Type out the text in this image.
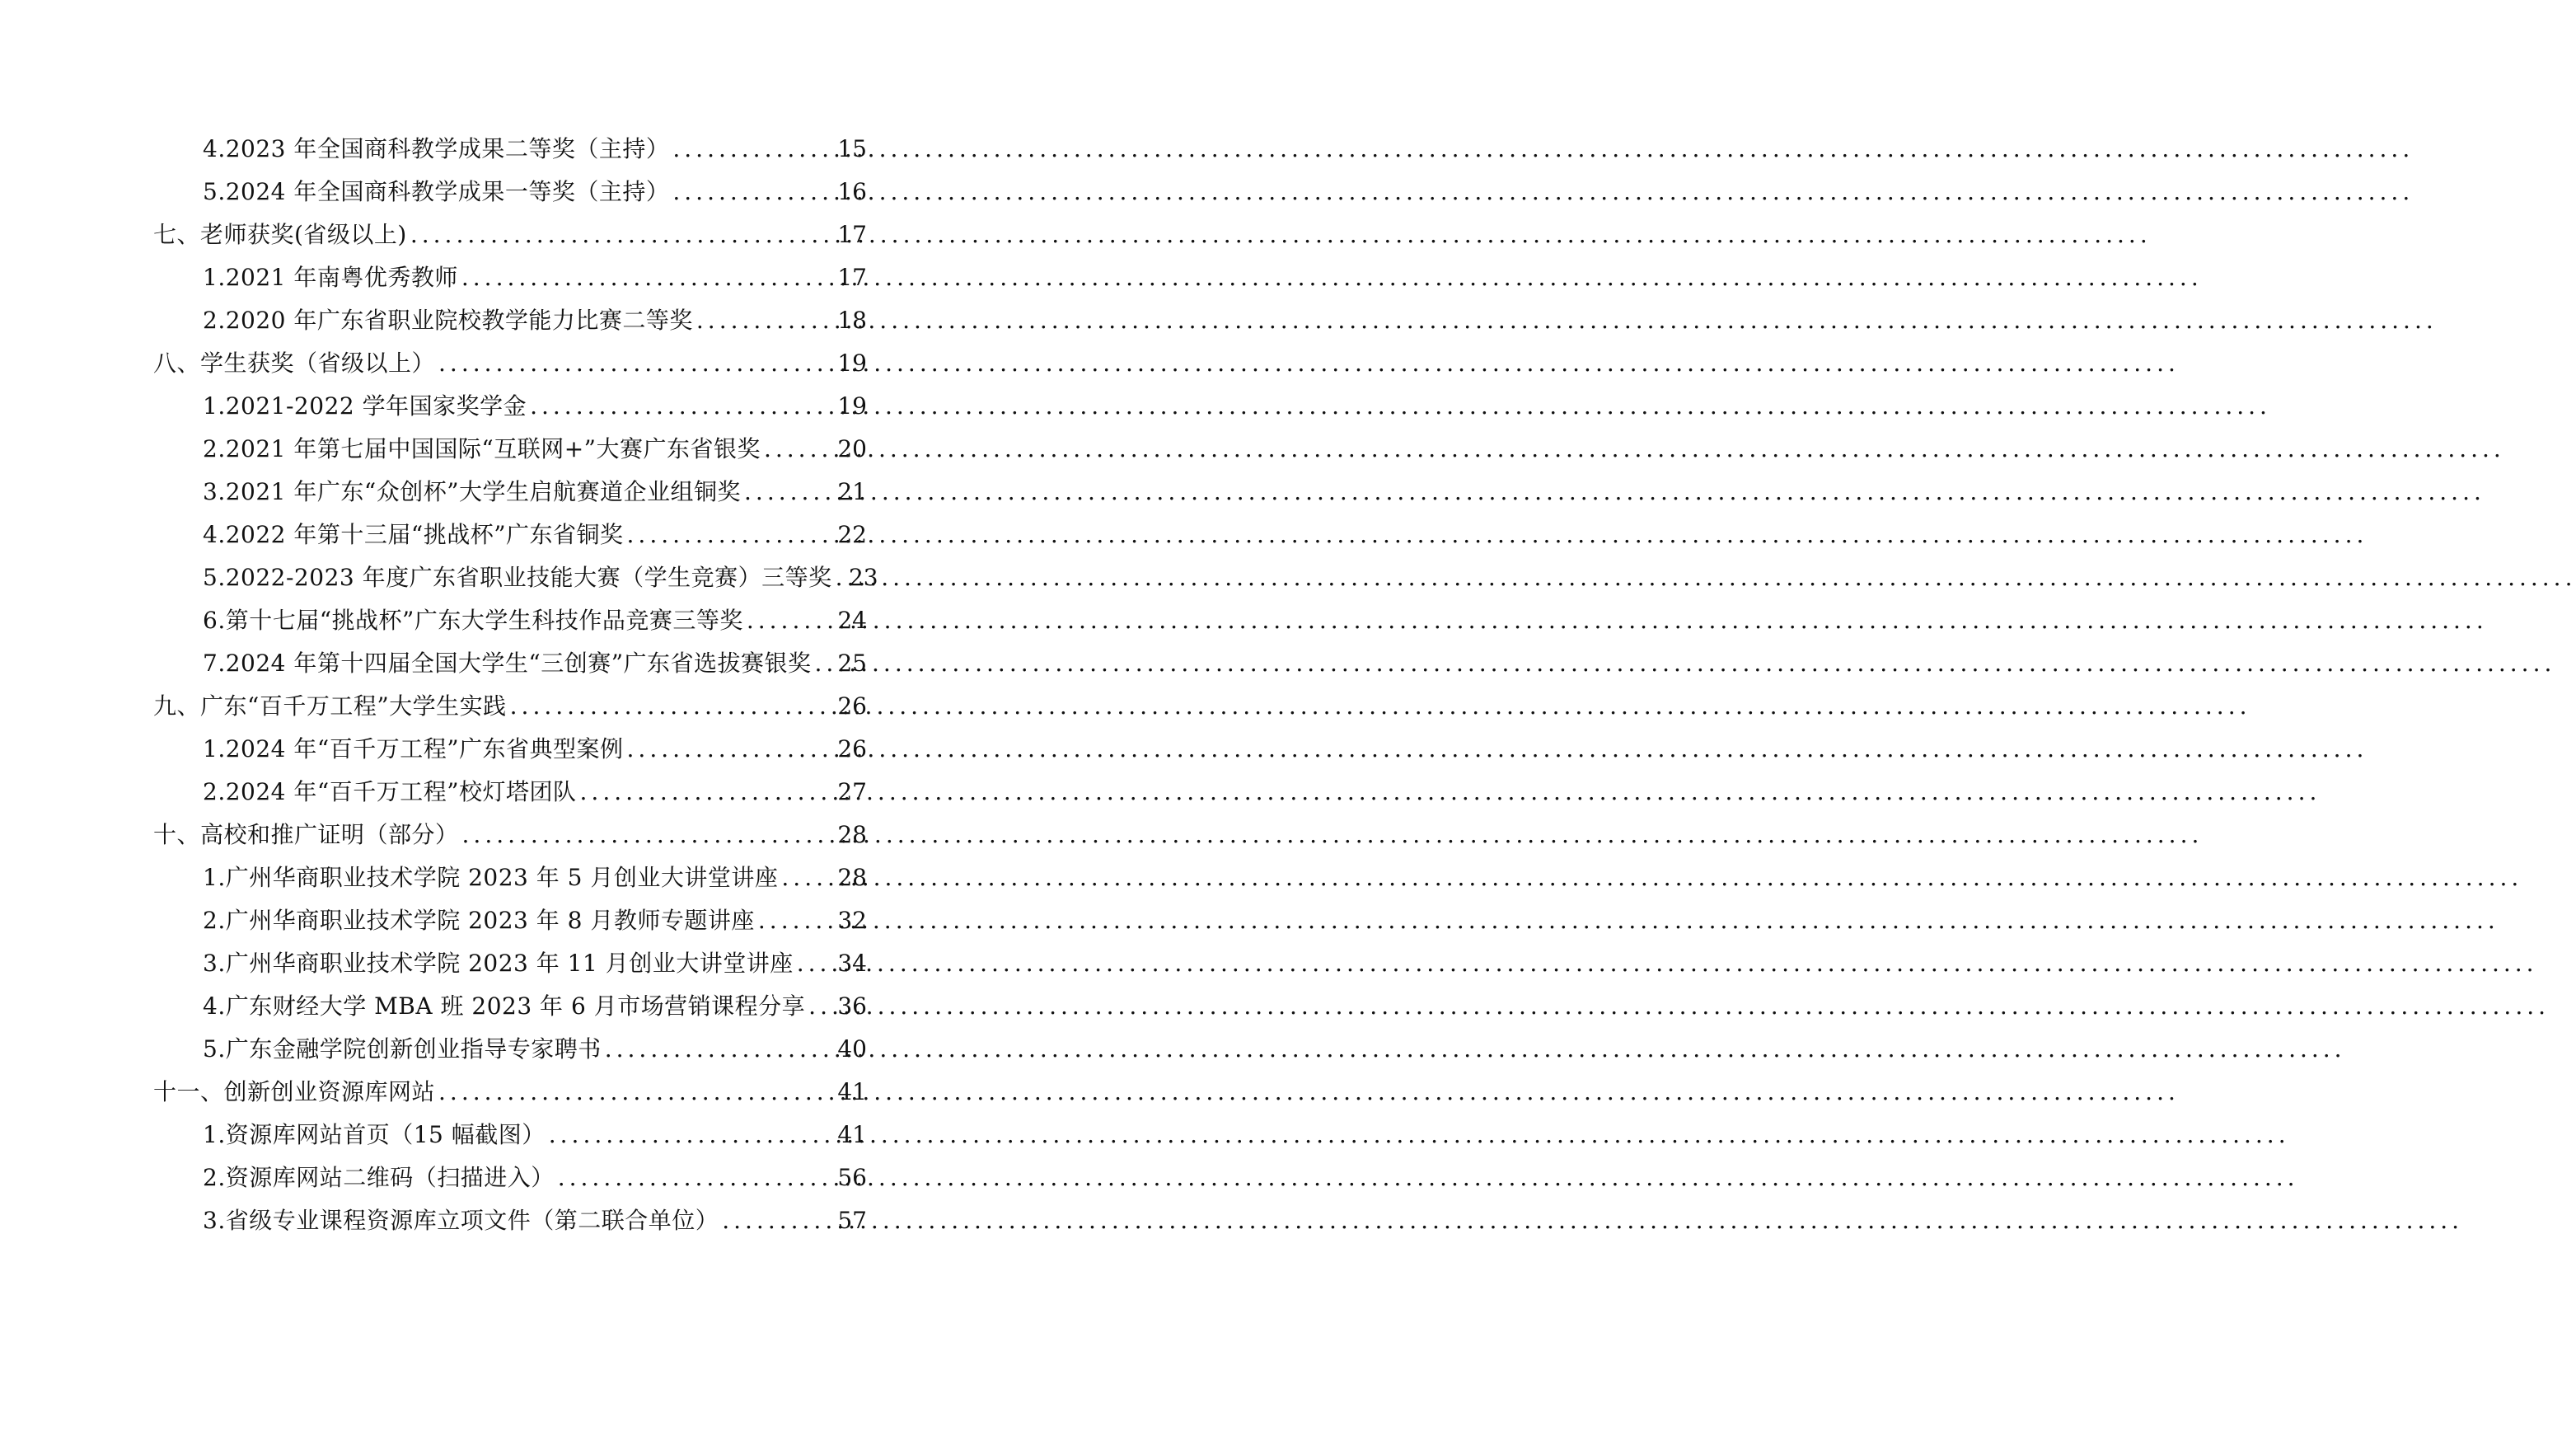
4.2023 年全国商科教学成果二等奖（主持） .....	15
5.2024 年全国商科教学成果一等奖（主持） .....	16
七、老师获奖(省级以上) .....	17
1.2021 年南粤优秀教师 .....	17
2.2020 年广东省职业院校教学能力比赛二等奖 .....	18
八、学生获奖（省级以上） .....	19
1.2021-2022 学年国家奖学金 .....	19
2.2021 年第七届中国国际“互联网+”大赛广东省银奖 .....	20
3.2021 年广东“众创杯”大学生启航赛道企业组铜奖 .....	21
4.2022 年第十三届“挑战杯”广东省铜奖 .....	22
5.2022-2023 年度广东省职业技能大赛（学生竞赛）三等奖 ..... 23
6.第十七届“挑战杯”广东大学生科技作品竞赛三等奖 .....	24
7.2024 年第十四届全国大学生“三创赛”广东省选拔赛银奖 ..... 25
九、广东“百千万工程”大学生实践 .....	26
1.2024 年“百千万工程”广东省典型案例 .....	26
2.2024 年“百千万工程”校灯塔团队 .....	27
十、高校和推广证明（部分） .....	28
1.广州华商职业技术学院 2023 年 5 月创业大讲堂讲座 .....	28
2.广州华商职业技术学院 2023 年 8 月教师专题讲座 .....	32
3.广州华商职业技术学院 2023 年 11 月创业大讲堂讲座 ..... 34
4.广东财经大学 MBA 班 2023 年 6 月市场营销课程分享 ..... 36
5.广东金融学院创新创业指导专家聘书 .....	40
十一、创新创业资源库网站 .....	41
1.资源库网站首页（15 幅截图） .....	41
2.资源库网站二维码（扫描进入） .....	56
3.省级专业课程资源库立项文件（第二联合单位） .....	57
